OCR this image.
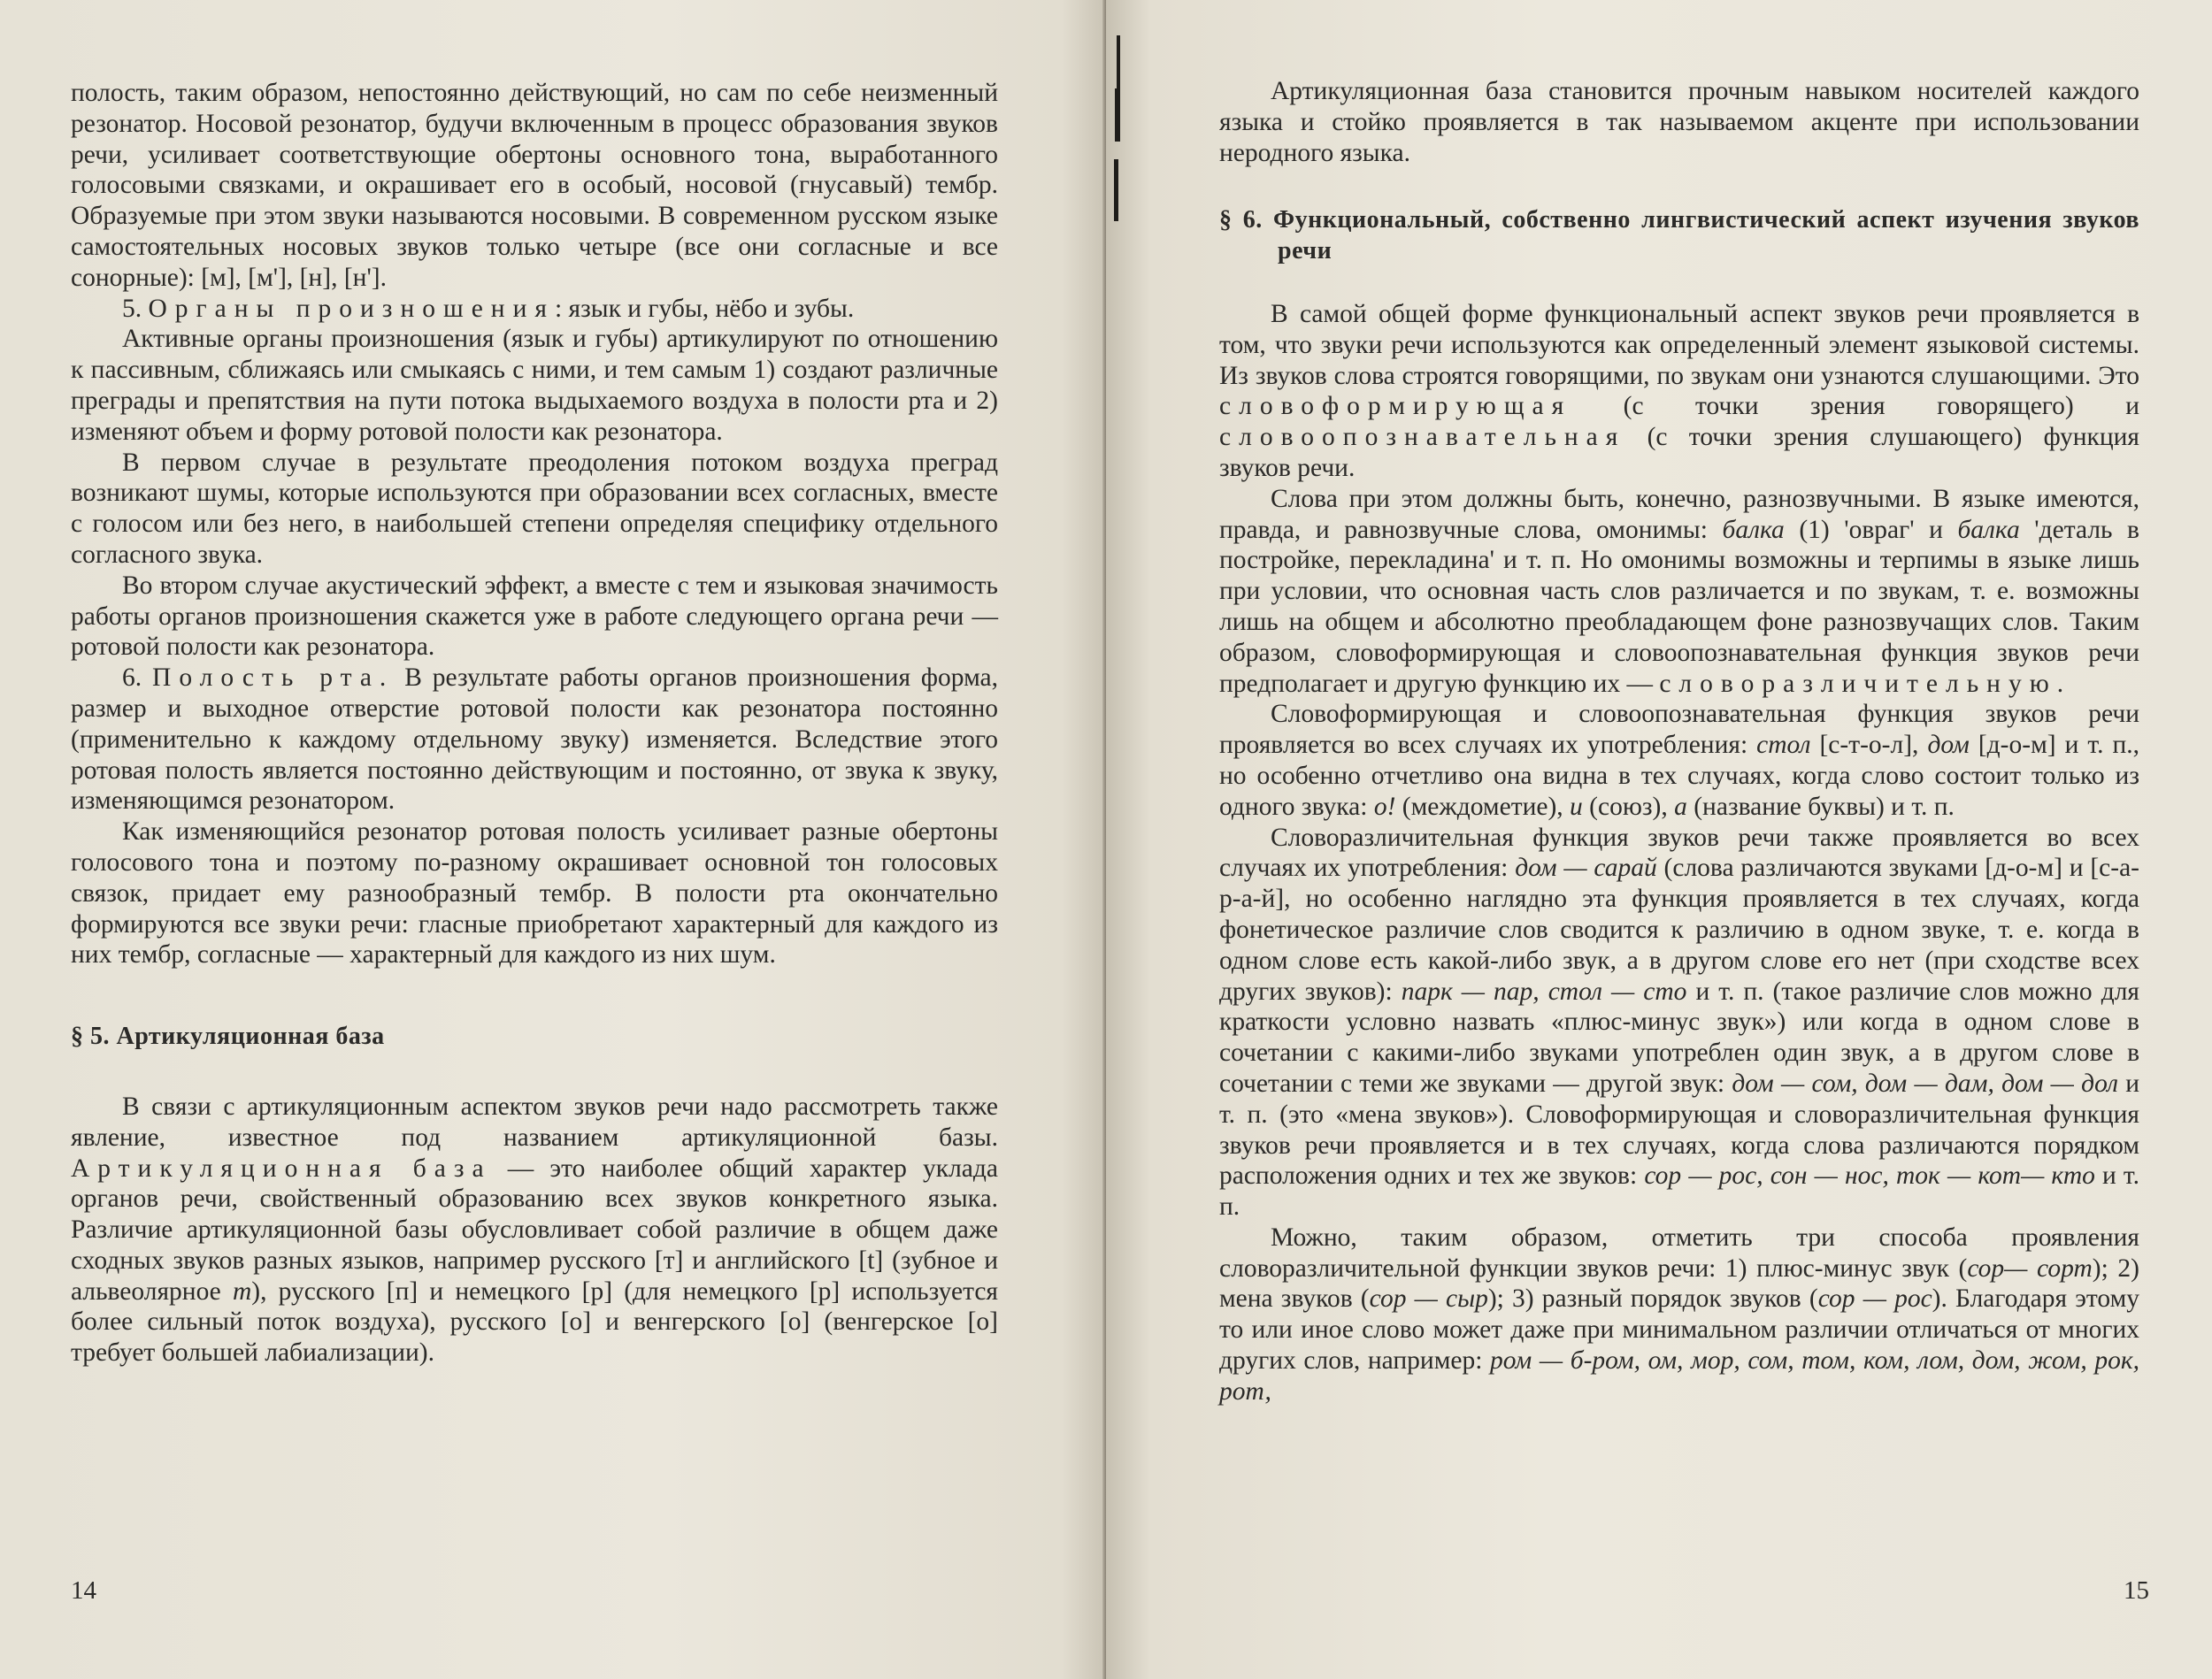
полость, таким образом, непостоянно действующий, но сам по себе неизменный резонатор. Носовой резонатор, будучи включенным в процесс образования звуков речи, усиливает соответствующие обертоны основного тона, выработанного голосовыми связками, и окрашивает его в особый, носовой (гнусавый) тембр. Образуемые при этом звуки называются носовыми. В современном русском языке самостоятельных носовых звуков только четыре (все они согласные и все сонорные): [м], [м'], [н], [н'].

5. Органы произношения: язык и губы, нёбо и зубы.

Активные органы произношения (язык и губы) артикулируют по отношению к пассивным, сближаясь или смыкаясь с ними, и тем самым 1) создают различные преграды и препятствия на пути потока выдыхаемого воздуха в полости рта и 2) изменяют объем и форму ротовой полости как резонатора.

В первом случае в результате преодоления потоком воздуха преград возникают шумы, которые используются при образовании всех согласных, вместе с голосом или без него, в наибольшей степени определяя специфику отдельного согласного звука.

Во втором случае акустический эффект, а вместе с тем и языковая значимость работы органов произношения скажется уже в работе следующего органа речи — ротовой полости как резонатора.

6. Полость рта. В результате работы органов произношения форма, размер и выходное отверстие ротовой полости как резонатора постоянно (применительно к каждому отдельному звуку) изменяется. Вследствие этого ротовая полость является постоянно действующим и постоянно, от звука к звуку, изменяющимся резонатором.

Как изменяющийся резонатор ротовая полость усиливает разные обертоны голосового тона и поэтому по-разному окрашивает основной тон голосовых связок, придает ему разнообразный тембр. В полости рта окончательно формируются все звуки речи: гласные приобретают характерный для каждого из них тембр, согласные — характерный для каждого из них шум.

§ 5. Артикуляционная база

В связи с артикуляционным аспектом звуков речи надо рассмотреть также явление, известное под названием артикуляционной базы. Артикуляционная база — это наиболее общий характер уклада органов речи, свойственный образованию всех звуков конкретного языка. Различие артикуляционной базы обусловливает собой различие в общем даже сходных звуков разных языков, например русского [т] и английского [t] (зубное и альвеолярное т), русского [п] и немецкого [р] (для немецкого [р] используется более сильный поток воздуха), русского [о] и венгерского [о] (венгерское [о] требует большей лабиализации).

14

Артикуляционная база становится прочным навыком носителей каждого языка и стойко проявляется в так называемом акценте при использовании неродного языка.

§ 6. Функциональный, собственно лингвистический аспект изучения звуков речи

В самой общей форме функциональный аспект звуков речи проявляется в том, что звуки речи используются как определенный элемент языковой системы. Из звуков слова строятся говорящими, по звукам они узнаются слушающими. Это словоформирующая (с точки зрения говорящего) и словоопознавательная (с точки зрения слушающего) функция звуков речи.

Слова при этом должны быть, конечно, разнозвучными. В языке имеются, правда, и равнозвучные слова, омонимы: балка (1) 'овраг' и балка 'деталь в постройке, перекладина' и т. п. Но омонимы возможны и терпимы в языке лишь при условии, что основная часть слов различается и по звукам, т. е. возможны лишь на общем и абсолютно преобладающем фоне разнозвучащих слов. Таким образом, словоформирующая и словоопознавательная функция звуков речи предполагает и другую функцию их — словоразличительную.

Словоформирующая и словоопознавательная функция звуков речи проявляется во всех случаях их употребления: стол [с-т-о-л], дом [д-о-м] и т. п., но особенно отчетливо она видна в тех случаях, когда слово состоит только из одного звука: о! (междометие), и (союз), а (название буквы) и т. п.

Словоразличительная функция звуков речи также проявляется во всех случаях их употребления: дом — сарай (слова различаются звуками [д-о-м] и [с-а-р-а-й], но особенно наглядно эта функция проявляется в тех случаях, когда фонетическое различие слов сводится к различию в одном звуке, т. е. когда в одном слове есть какой-либо звук, а в другом слове его нет (при сходстве всех других звуков): парк — пар, стол — сто и т. п. (такое различие слов можно для краткости условно назвать «плюс-минус звук») или когда в одном слове в сочетании с какими-либо звуками употреблен один звук, а в другом слове в сочетании с теми же звуками — другой звук: дом — сом, дом — дам, дом — дол и т. п. (это «мена звуков»). Словоформирующая и словоразличительная функция звуков речи проявляется и в тех случаях, когда слова различаются порядком расположения одних и тех же звуков: сор — рос, сон — нос, ток — кот— кто и т. п.

Можно, таким образом, отметить три способа проявления словоразличительной функции звуков речи: 1) плюс-минус звук (сор— сорт); 2) мена звуков (сор — сыр); 3) разный порядок звуков (сор — рос). Благодаря этому то или иное слово может даже при минимальном различии отличаться от многих других слов, например: ром — б-ром, ом, мор, сом, том, ком, лом, дом, жом, рок, рот,

15
